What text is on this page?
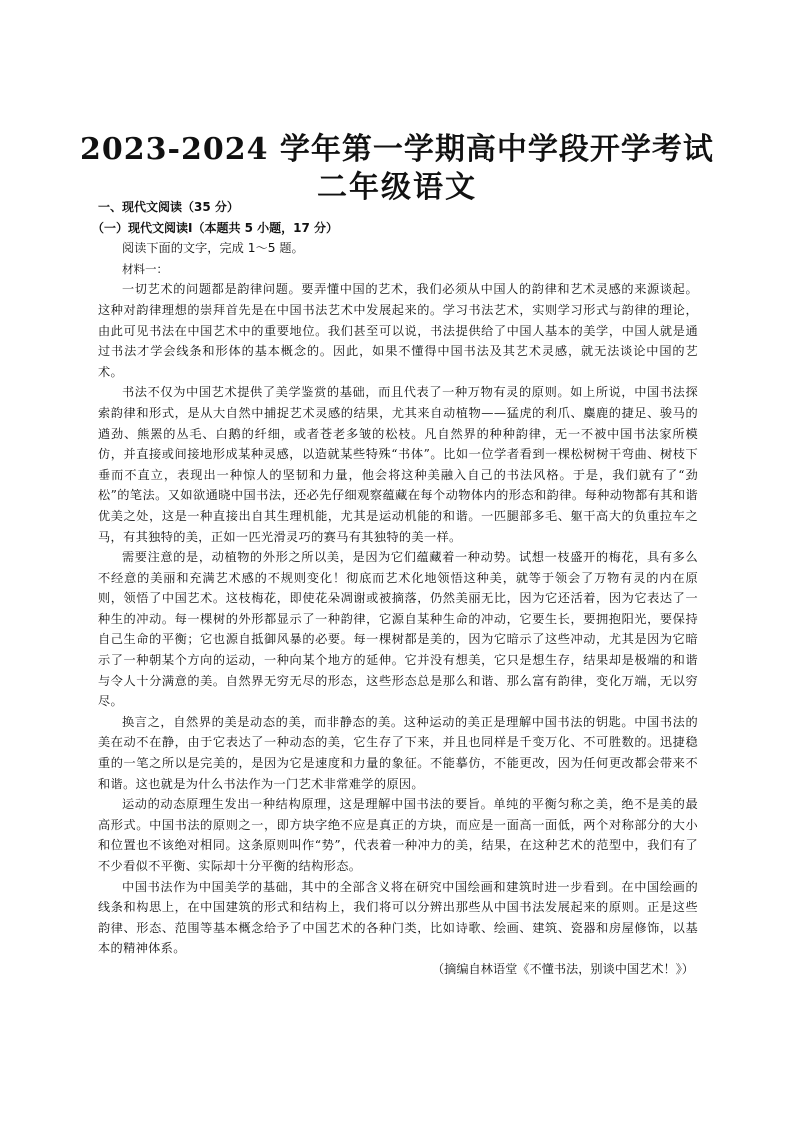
2023-2024 学年第一学期高中学段开学考试
二年级语文

一、现代文阅读（35 分）

（一）现代文阅读Ⅰ（本题共 5 小题，17 分）

阅读下面的文字，完成 1～5 题。

材料一：

一切艺术的问题都是韵律问题。要弄懂中国的艺术，我们必须从中国人的韵律和艺术灵感的来源谈起。这种对韵律理想的崇拜首先是在中国书法艺术中发展起来的。学习书法艺术，实则学习形式与韵律的理论，由此可见书法在中国艺术中的重要地位。我们甚至可以说，书法提供给了中国人基本的美学，中国人就是通过书法才学会线条和形体的基本概念的。因此，如果不懂得中国书法及其艺术灵感，就无法谈论中国的艺术。

书法不仅为中国艺术提供了美学鉴赏的基础，而且代表了一种万物有灵的原则。如上所说，中国书法探索韵律和形式，是从大自然中捕捉艺术灵感的结果，尤其来自动植物——猛虎的利爪、麋鹿的捷足、骏马的遒劲、熊罴的丛毛、白鹅的纤细，或者苍老多皱的松枝。凡自然界的种种韵律，无一不被中国书法家所模仿，并直接或间接地形成某种灵感，以造就某些特殊“书体”。比如一位学者看到一棵松树树干弯曲、树枝下垂而不直立，表现出一种惊人的坚韧和力量，他会将这种美融入自己的书法风格。于是，我们就有了“劲松”的笔法。又如欲通晓中国书法，还必先仔细观察蕴藏在每个动物体内的形态和韵律。每种动物都有其和谐优美之处，这是一种直接出自其生理机能，尤其是运动机能的和谐。一匹腿部多毛、躯干高大的负重拉车之马，有其独特的美，正如一匹光滑灵巧的赛马有其独特的美一样。

需要注意的是，动植物的外形之所以美，是因为它们蕴藏着一种动势。试想一枝盛开的梅花，具有多么不经意的美丽和充满艺术感的不规则变化！彻底而艺术化地领悟这种美，就等于领会了万物有灵的内在原则，领悟了中国艺术。这枝梅花，即使花朵凋谢或被摘落，仍然美丽无比，因为它还活着，因为它表达了一种生的冲动。每一棵树的外形都显示了一种韵律，它源自某种生命的冲动，它要生长，要拥抱阳光，要保持自己生命的平衡；它也源自抵御风暴的必要。每一棵树都是美的，因为它暗示了这些冲动，尤其是因为它暗示了一种朝某个方向的运动，一种向某个地方的延伸。它并没有想美，它只是想生存，结果却是极端的和谐与令人十分满意的美。自然界无穷无尽的形态，这些形态总是那么和谐、那么富有韵律，变化万端，无以穷尽。

换言之，自然界的美是动态的美，而非静态的美。这种运动的美正是理解中国书法的钥匙。中国书法的美在动不在静，由于它表达了一种动态的美，它生存了下来，并且也同样是千变万化、不可胜数的。迅捷稳重的一笔之所以是完美的，是因为它是速度和力量的象征。不能摹仿，不能更改，因为任何更改都会带来不和谐。这也就是为什么书法作为一门艺术非常难学的原因。

运动的动态原理生发出一种结构原理，这是理解中国书法的要旨。单纯的平衡匀称之美，绝不是美的最高形式。中国书法的原则之一，即方块字绝不应是真正的方块，而应是一面高一面低，两个对称部分的大小和位置也不该绝对相同。这条原则叫作“势”，代表着一种冲力的美，结果，在这种艺术的范型中，我们有了不少看似不平衡、实际却十分平衡的结构形态。

中国书法作为中国美学的基础，其中的全部含义将在研究中国绘画和建筑时进一步看到。在中国绘画的线条和构思上，在中国建筑的形式和结构上，我们将可以分辨出那些从中国书法发展起来的原则。正是这些韵律、形态、范围等基本概念给予了中国艺术的各种门类，比如诗歌、绘画、建筑、瓷器和房屋修饰，以基本的精神体系。

（摘编自林语堂《不懂书法，别谈中国艺术！》）
